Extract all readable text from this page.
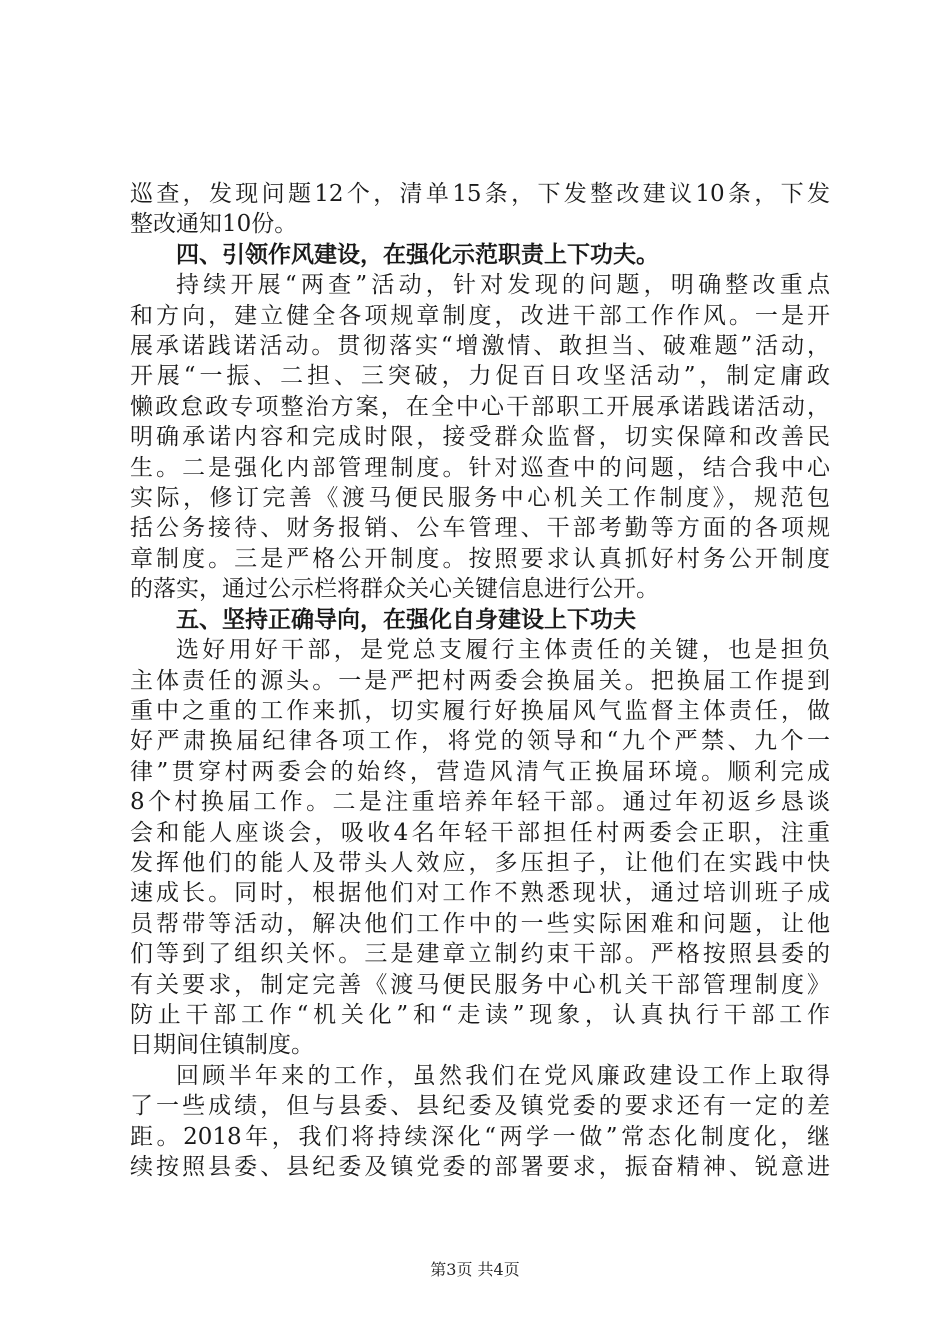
巡查，发现问题12个，清单15条，下发整改建议10条，下发
整改通知10份。
四、引领作风建设，在强化示范职责上下功夫。
持续开展“两查”活动，针对发现的问题，明确整改重点
和方向，建立健全各项规章制度，改进干部工作作风。一是开
展承诺践诺活动。贯彻落实“增激情、敢担当、破难题”活动，
开展“一振、二担、三突破，力促百日攻坚活动”，制定庸政
懒政怠政专项整治方案，在全中心干部职工开展承诺践诺活动，
明确承诺内容和完成时限，接受群众监督，切实保障和改善民
生。二是强化内部管理制度。针对巡查中的问题，结合我中心
实际，修订完善《渡马便民服务中心机关工作制度》，规范包
括公务接待、财务报销、公车管理、干部考勤等方面的各项规
章制度。三是严格公开制度。按照要求认真抓好村务公开制度
的落实，通过公示栏将群众关心关键信息进行公开。
五、坚持正确导向，在强化自身建设上下功夫
选好用好干部，是党总支履行主体责任的关键，也是担负
主体责任的源头。一是严把村两委会换届关。把换届工作提到
重中之重的工作来抓，切实履行好换届风气监督主体责任，做
好严肃换届纪律各项工作，将党的领导和“九个严禁、九个一
律”贯穿村两委会的始终，营造风清气正换届环境。顺利完成
8个村换届工作。二是注重培养年轻干部。通过年初返乡恳谈
会和能人座谈会，吸收4名年轻干部担任村两委会正职，注重
发挥他们的能人及带头人效应，多压担子，让他们在实践中快
速成长。同时，根据他们对工作不熟悉现状，通过培训班子成
员帮带等活动，解决他们工作中的一些实际困难和问题，让他
们等到了组织关怀。三是建章立制约束干部。严格按照县委的
有关要求，制定完善《渡马便民服务中心机关干部管理制度》
防止干部工作“机关化”和“走读”现象，认真执行干部工作
日期间住镇制度。
回顾半年来的工作，虽然我们在党风廉政建设工作上取得
了一些成绩，但与县委、县纪委及镇党委的要求还有一定的差
距。2018年，我们将持续深化“两学一做”常态化制度化，继
续按照县委、县纪委及镇党委的部署要求，振奋精神、锐意进
第3页 共4页
